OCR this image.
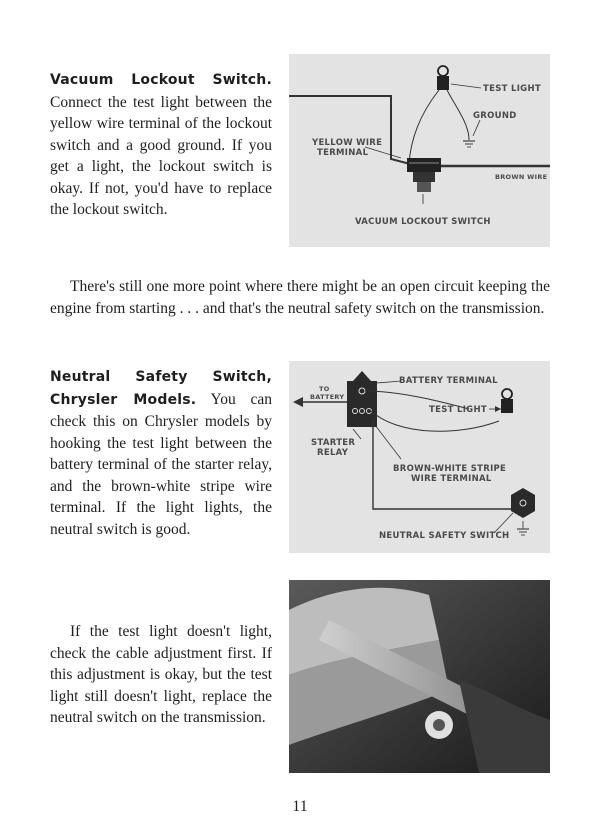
Vacuum Lockout Switch. Connect the test light between the yellow wire terminal of the lockout switch and a good ground. If you get a light, the lockout switch is okay. If not, you'd have to replace the lockout switch.

TEST LIGHT
GROUND
YELLOW WIRE
TERMINAL
BROWN WIRE
VACUUM LOCKOUT SWITCH

There's still one more point where there might be an open circuit keeping the engine from starting . . . and that's the neutral safety switch on the transmission.

Neutral Safety Switch, Chrysler Models. You can check this on Chrysler models by hooking the test light between the battery terminal of the starter relay, and the brown-white stripe wire terminal. If the light lights, the neutral switch is good.

TO
BATTERY
BATTERY TERMINAL
TEST LIGHT
STARTER
RELAY
BROWN-WHITE STRIPE
WIRE TERMINAL
NEUTRAL SAFETY SWITCH

If the test light doesn't light, check the cable adjustment first. If this adjustment is okay, but the test light still doesn't light, replace the neutral switch on the transmission.

11
